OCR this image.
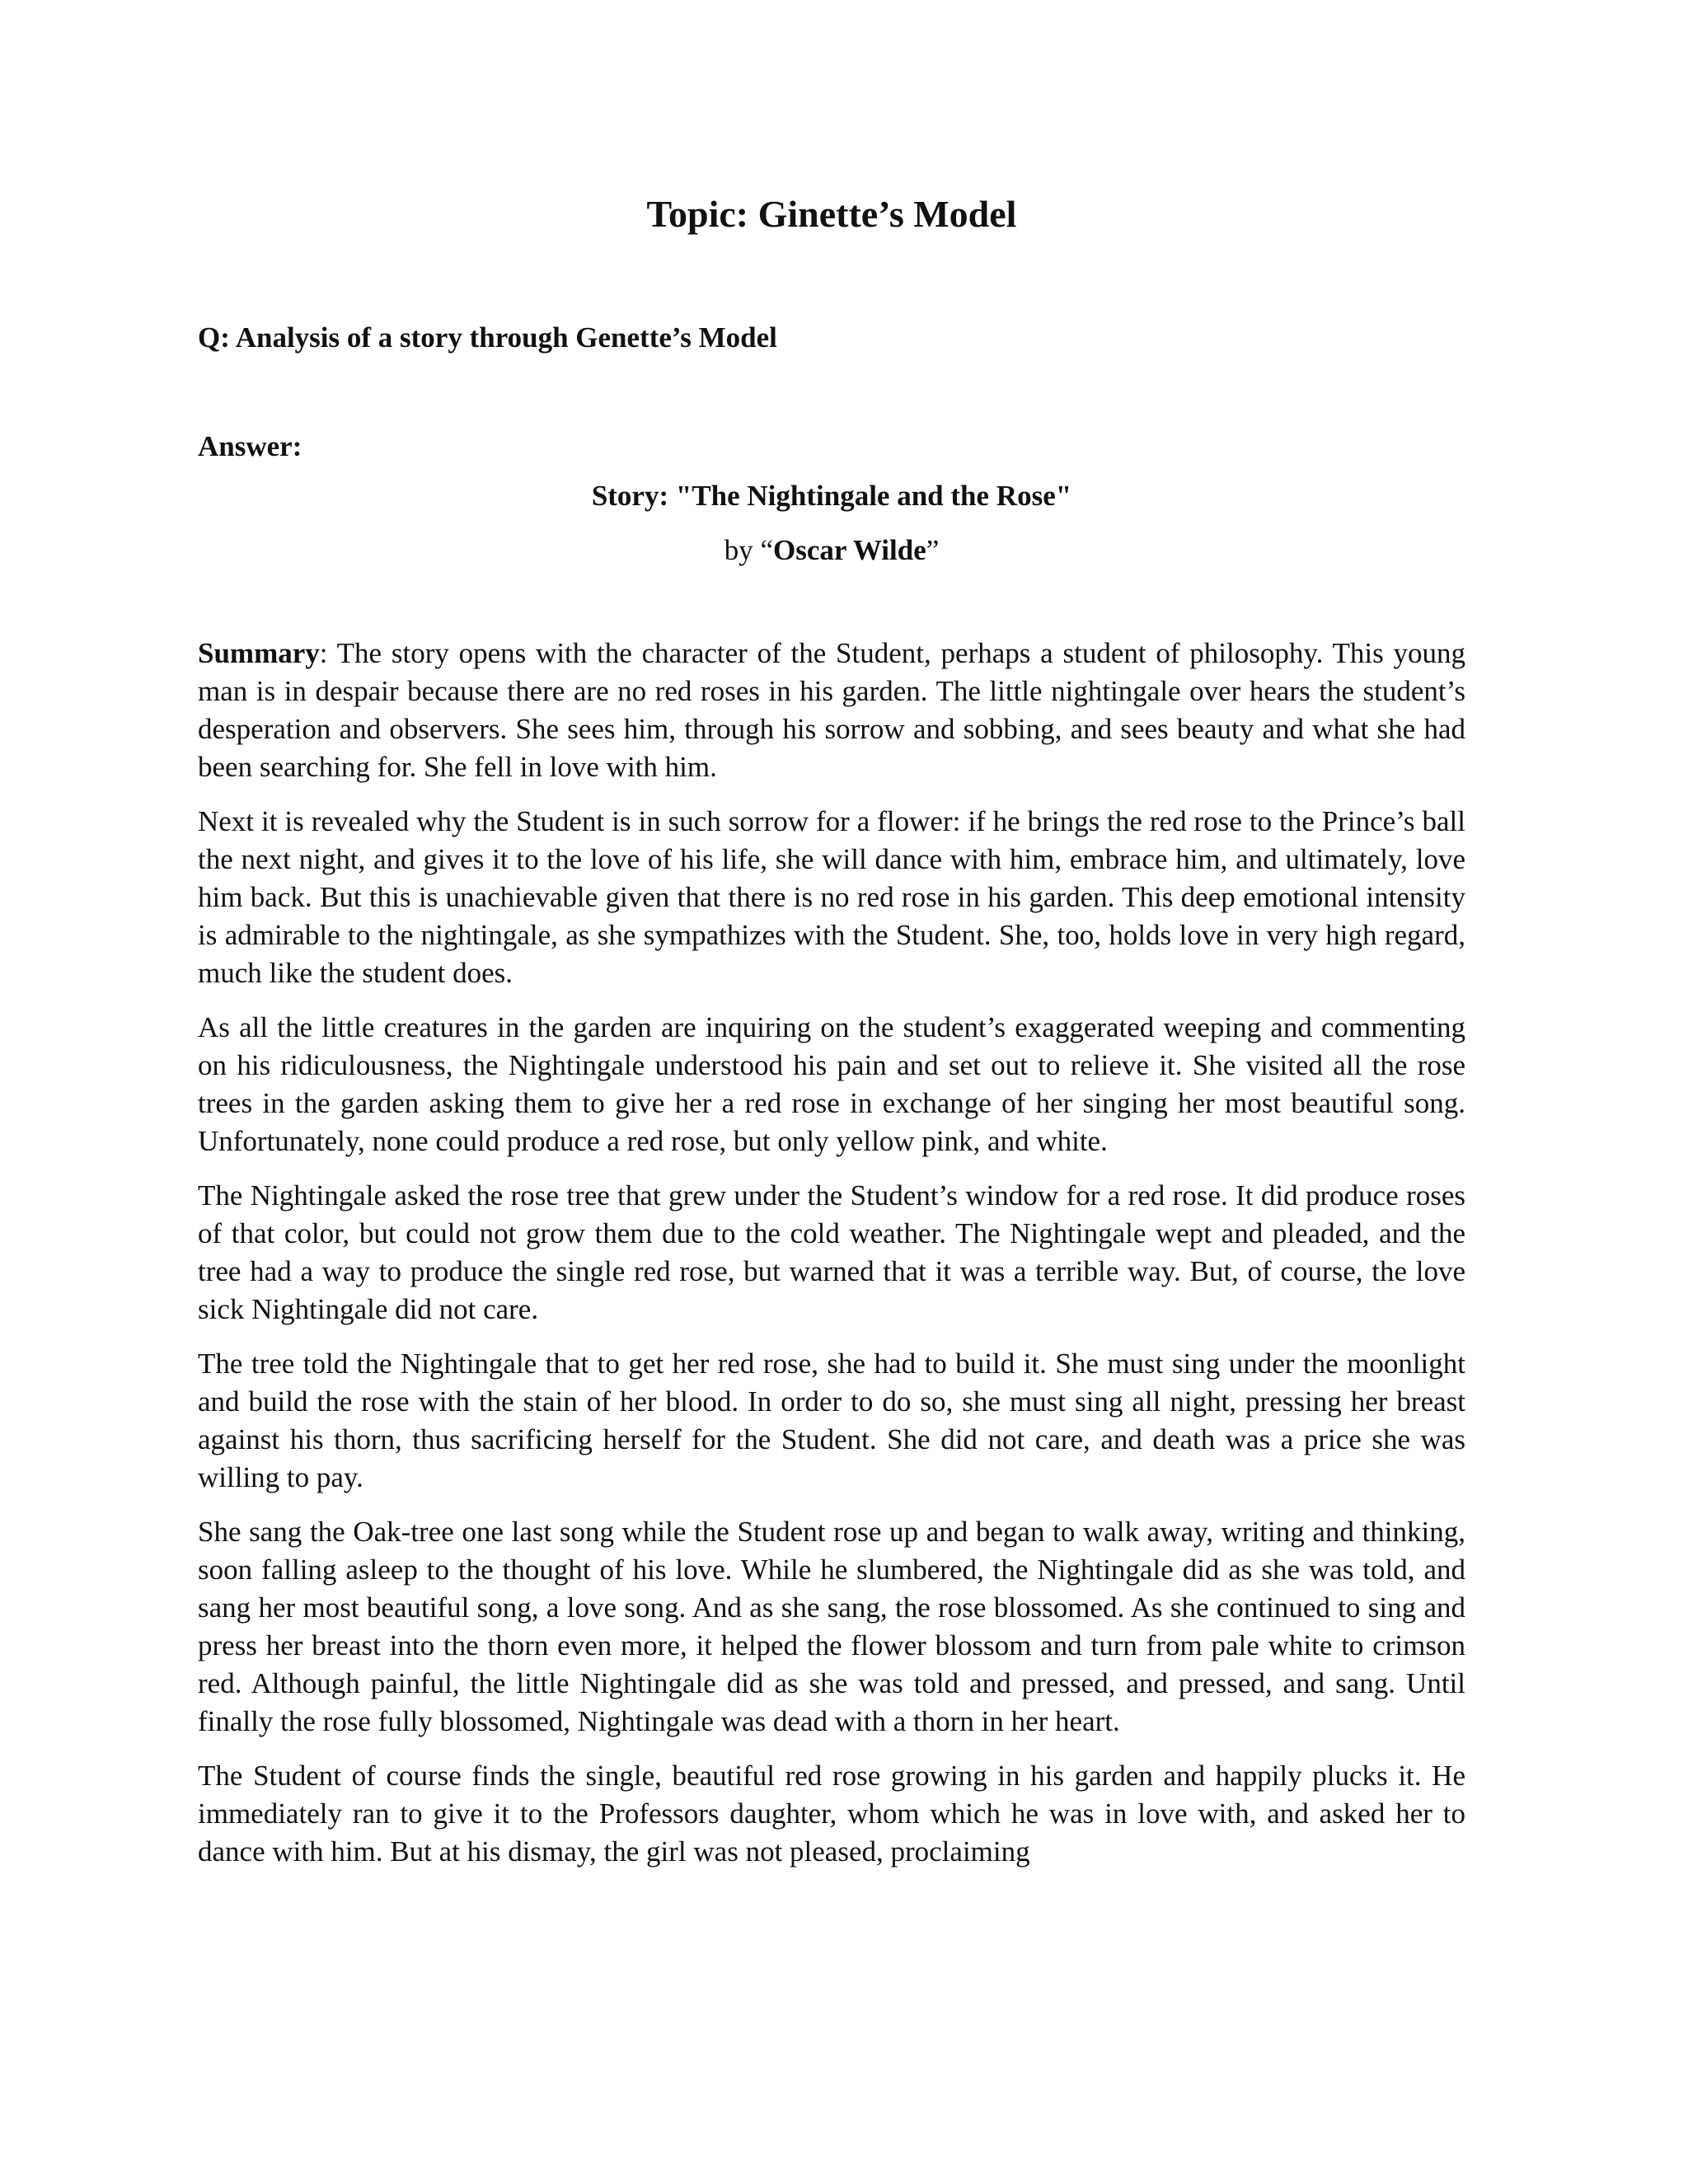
Topic: Ginette’s Model
Q: Analysis of a story through Genette’s Model
Answer:
Story: "The Nightingale and the Rose"
by “Oscar Wilde”

Summary: The story opens with the character of the Student, perhaps a student of philosophy. This young man is in despair because there are no red roses in his garden. The little nightingale over hears the student’s desperation and observers. She sees him, through his sorrow and sobbing, and sees beauty and what she had been searching for. She fell in love with him.

Next it is revealed why the Student is in such sorrow for a flower: if he brings the red rose to the Prince’s ball the next night, and gives it to the love of his life, she will dance with him, embrace him, and ultimately, love him back. But this is unachievable given that there is no red rose in his garden. This deep emotional intensity is admirable to the nightingale, as she sympathizes with the Student. She, too, holds love in very high regard, much like the student does.

As all the little creatures in the garden are inquiring on the student’s exaggerated weeping and commenting on his ridiculousness, the Nightingale understood his pain and set out to relieve it. She visited all the rose trees in the garden asking them to give her a red rose in exchange of her singing her most beautiful song. Unfortunately, none could produce a red rose, but only yellow pink, and white.

The Nightingale asked the rose tree that grew under the Student’s window for a red rose. It did produce roses of that color, but could not grow them due to the cold weather. The Nightingale wept and pleaded, and the tree had a way to produce the single red rose, but warned that it was a terrible way. But, of course, the love sick Nightingale did not care.

The tree told the Nightingale that to get her red rose, she had to build it. She must sing under the moonlight and build the rose with the stain of her blood. In order to do so, she must sing all night, pressing her breast against his thorn, thus sacrificing herself for the Student. She did not care, and death was a price she was willing to pay.

She sang the Oak-tree one last song while the Student rose up and began to walk away, writing and thinking, soon falling asleep to the thought of his love. While he slumbered, the Nightingale did as she was told, and sang her most beautiful song, a love song. And as she sang, the rose blossomed. As she continued to sing and press her breast into the thorn even more, it helped the flower blossom and turn from pale white to crimson red. Although painful, the little Nightingale did as she was told and pressed, and pressed, and sang. Until finally the rose fully blossomed, Nightingale was dead with a thorn in her heart.

The Student of course finds the single, beautiful red rose growing in his garden and happily plucks it. He immediately ran to give it to the Professors daughter, whom which he was in love with, and asked her to dance with him. But at his dismay, the girl was not pleased, proclaiming
